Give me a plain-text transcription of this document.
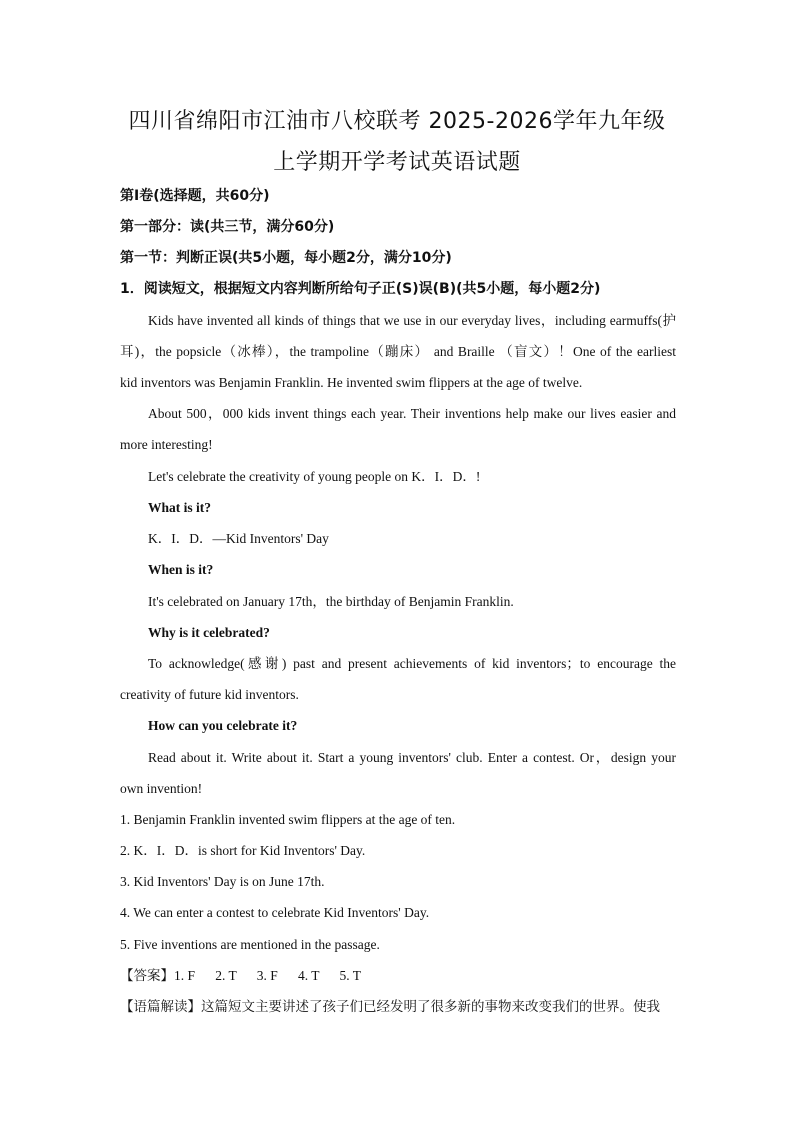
四川省绵阳市江油市八校联考 2025-2026学年九年级
上学期开学考试英语试题
第Ⅰ卷(选择题，共60分)
第一部分：读(共三节，满分60分)
第一节：判断正误(共5小题，每小题2分，满分10分)
1．阅读短文，根据短文内容判断所给句子正(S)误(B)(共5小题，每小题2分)
Kids have invented all kinds of things that we use in our everyday lives，including earmuffs(护
耳)，the popsicle（冰棒），the trampoline（蹦床） and Braille （盲文）！One of the earliest
kid inventors was Benjamin Franklin. He invented swim flippers at the age of twelve.
About 500，000 kids invent things each year. Their inventions help make our lives easier and
more interesting!
Let's celebrate the creativity of young people on K．I．D．!
What is it?
K．I．D．—Kid Inventors' Day
When is it?
It's celebrated on January 17th，the birthday of Benjamin Franklin.
Why is it celebrated?
To acknowledge(感谢) past and present achievements of kid inventors；to encourage the
creativity of future kid inventors.
How can you celebrate it?
Read about it. Write about it. Start a young inventors' club. Enter a contest. Or，design your
own invention!
1. Benjamin Franklin invented swim flippers at the age of ten.
2. K．I．D．is short for Kid Inventors' Day.
3. Kid Inventors' Day is on June 17th.
4. We can enter a contest to celebrate Kid Inventors' Day.
5. Five inventions are mentioned in the passage.
【答案】1. F      2. T      3. F      4. T      5. T
【语篇解读】这篇短文主要讲述了孩子们已经发明了很多新的事物来改变我们的世界。使我
